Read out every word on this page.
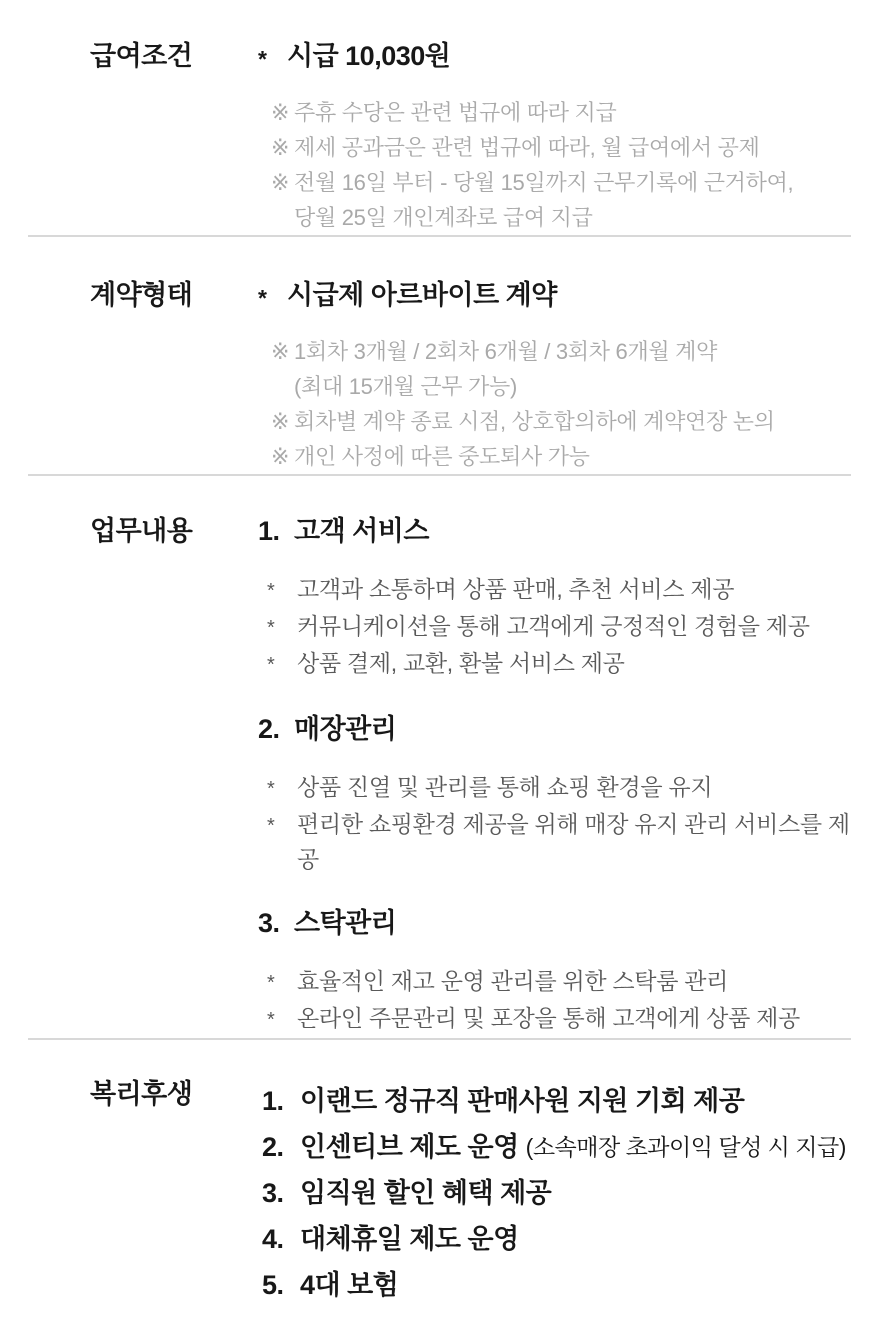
급여조건	* 시급 10,030원
※ 주휴 수당은 관련 법규에 따라 지급
※ 제세 공과금은 관련 법규에 따라, 월 급여에서 공제
※ 전월 16일 부터 - 당월 15일까지 근무기록에 근거하여,
당월 25일 개인계좌로 급여 지급
계약형태	* 시급제 아르바이트 계약
※ 1회차 3개월 / 2회차 6개월 / 3회차 6개월 계약
(최대 15개월 근무 가능)
※ 회차별 계약 종료 시점, 상호합의하에 계약연장 논의
※ 개인 사정에 따른 중도퇴사 가능
업무내용	1. 고객 서비스
* 고객과 소통하며 상품 판매, 추천 서비스 제공
* 커뮤니케이션을 통해 고객에게 긍정적인 경험을 제공
* 상품 결제, 교환, 환불 서비스 제공
2. 매장관리
* 상품 진열 및 관리를 통해 쇼핑 환경을 유지
* 편리한 쇼핑환경 제공을 위해 매장 유지 관리 서비스를 제공
3. 스탁관리
* 효율적인 재고 운영 관리를 위한 스탁룸 관리
* 온라인 주문관리 및 포장을 통해 고객에게 상품 제공
복리후생	1. 이랜드 정규직 판매사원 지원 기회 제공
2. 인센티브 제도 운영 (소속매장 초과이익 달성 시 지급)
3. 임직원 할인 혜택 제공
4. 대체휴일 제도 운영
5. 4대 보험
